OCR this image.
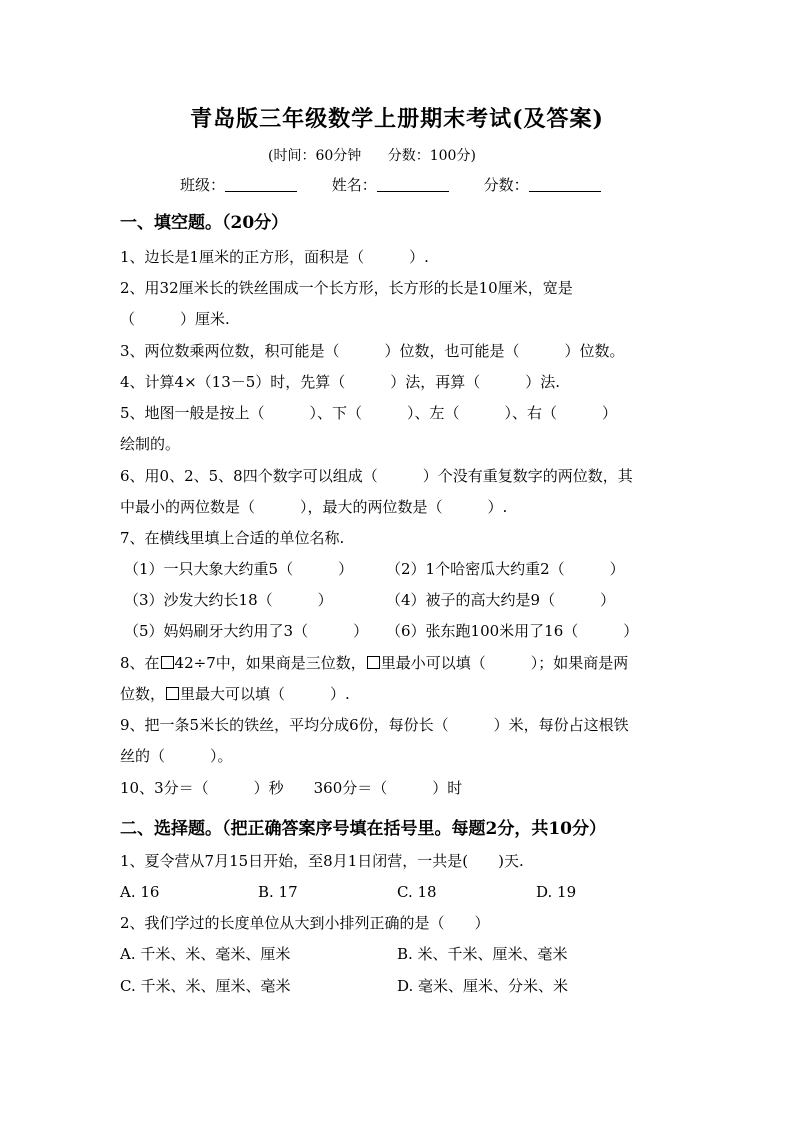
青岛版三年级数学上册期末考试(及答案)
(时间：60分钟 分数：100分)
班级：	姓名：	分数：
一、填空题。（20分）
1、边长是1厘米的正方形，面积是（　　　）.
2、用32厘米长的铁丝围成一个长方形，长方形的长是10厘米，宽是
（　　　）厘米.
3、两位数乘两位数，积可能是（　　　）位数，也可能是（　　　）位数。
4、计算4×（13－5）时，先算（　　　）法，再算（　　　）法.
5、地图一般是按上（　　　）、下（　　　）、左（　　　）、右（　　　）
绘制的。
6、用0、2、5、8四个数字可以组成（　　　）个没有重复数字的两位数，其
中最小的两位数是（　　　），最大的两位数是（　　　）.
7、在横线里填上合适的单位名称.
（1）一只大象大约重5（　　　） （2）1个哈密瓜大约重2（　　　）
（3）沙发大约长18（　　　）	（4）被子的高大约是9（　　　）
（5）妈妈刷牙大约用了3（　　　） （6）张东跑100米用了16（　　　）
8、在 42÷7中，如果商是三位数， 里最小可以填（　　　）；如果商是两
位数， 里最大可以填（　　　）.
9、把一条5米长的铁丝，平均分成6份，每份长（　　　）米，每份占这根铁
丝的（　　　）。
10、3分＝（　　　）秒　　360分＝（　　　）时
二、选择题。（把正确答案序号填在括号里。每题2分，共10分）
1、夏令营从7月15日开始，至8月1日闭营，一共是(　　)天.
A. 16	B. 17	C. 18	D. 19
2、我们学过的长度单位从大到小排列正确的是（　　）
A. 千米、米、毫米、厘米	B. 米、千米、厘米、毫米
C. 千米、米、厘米、毫米	D. 毫米、厘米、分米、米
